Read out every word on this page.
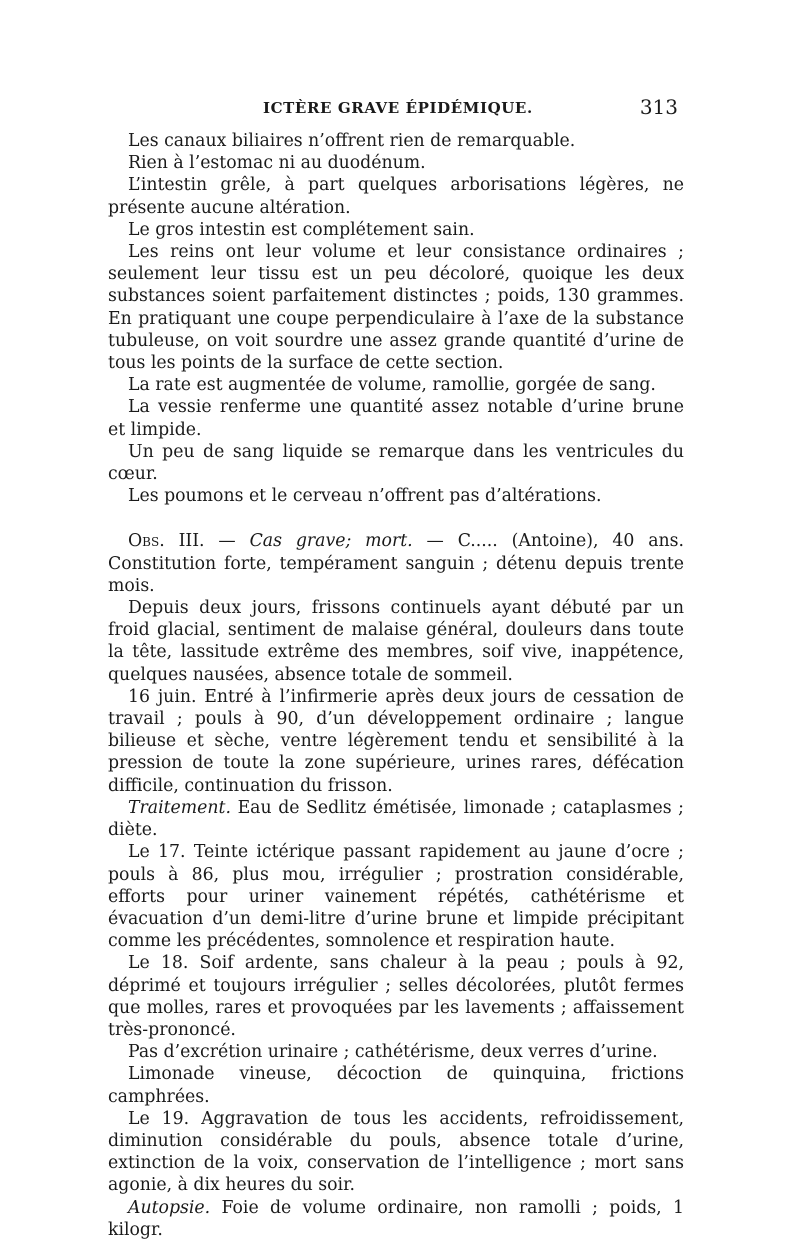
ICTÈRE GRAVE ÉPIDÉMIQUE.	313

Les canaux biliaires n’offrent rien de remarquable.

Rien à l’estomac ni au duodénum.

L’intestin grêle, à part quelques arborisations légères, ne présente aucune altération.

Le gros intestin est complétement sain.

Les reins ont leur volume et leur consistance ordinaires ; seulement leur tissu est un peu décoloré, quoique les deux substances soient parfaitement distinctes ; poids, 130 grammes. En pratiquant une coupe perpendiculaire à l’axe de la substance tubuleuse, on voit sourdre une assez grande quantité d’urine de tous les points de la surface de cette section.

La rate est augmentée de volume, ramollie, gorgée de sang.

La vessie renferme une quantité assez notable d’urine brune et limpide.

Un peu de sang liquide se remarque dans les ventricules du cœur.

Les poumons et le cerveau n’offrent pas d’altérations.

Obs. III. — Cas grave; mort. — C..... (Antoine), 40 ans. Constitution forte, tempérament sanguin ; détenu depuis trente mois.

Depuis deux jours, frissons continuels ayant débuté par un froid glacial, sentiment de malaise général, douleurs dans toute la tête, lassitude extrême des membres, soif vive, inappétence, quelques nausées, absence totale de sommeil.

16 juin. Entré à l’infirmerie après deux jours de cessation de travail ; pouls à 90, d’un développement ordinaire ; langue bilieuse et sèche, ventre légèrement tendu et sensibilité à la pression de toute la zone supérieure, urines rares, défécation difficile, continuation du frisson.

Traitement. Eau de Sedlitz émétisée, limonade ; cataplasmes ; diète.

Le 17. Teinte ictérique passant rapidement au jaune d’ocre ; pouls à 86, plus mou, irrégulier ; prostration considérable, efforts pour uriner vainement répétés, cathétérisme et évacuation d’un demi-litre d’urine brune et limpide précipitant comme les précédentes, somnolence et respiration haute.

Le 18. Soif ardente, sans chaleur à la peau ; pouls à 92, déprimé et toujours irrégulier ; selles décolorées, plutôt fermes que molles, rares et provoquées par les lavements ; affaissement très-prononcé.

Pas d’excrétion urinaire ; cathétérisme, deux verres d’urine.

Limonade vineuse, décoction de quinquina, frictions camphrées.

Le 19. Aggravation de tous les accidents, refroidissement, diminution considérable du pouls, absence totale d’urine, extinction de la voix, conservation de l’intelligence ; mort sans agonie, à dix heures du soir.

Autopsie. Foie de volume ordinaire, non ramolli ; poids, 1 kilogr.
